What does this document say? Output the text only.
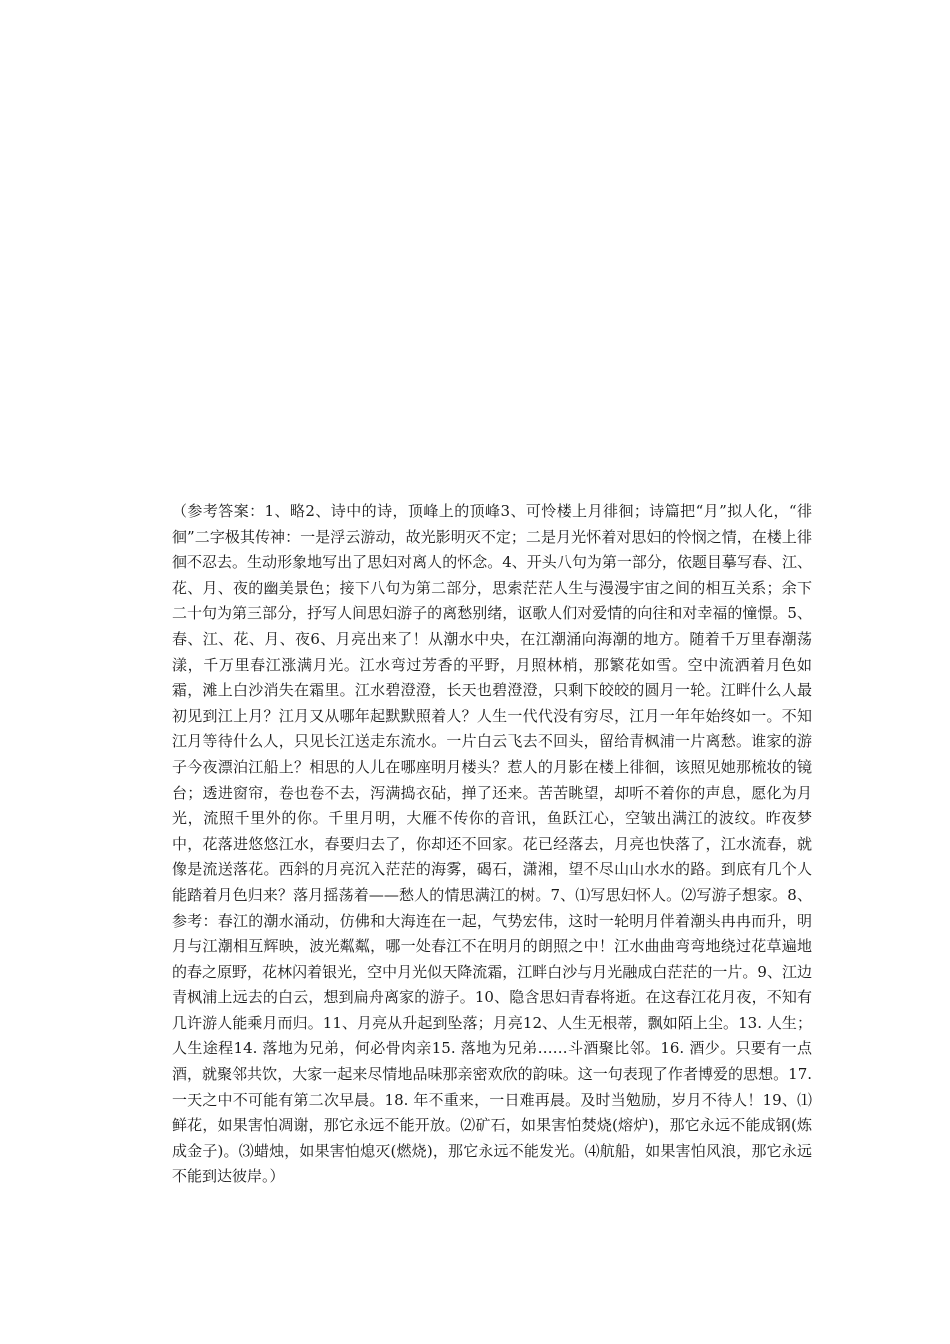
（参考答案：1、略2、诗中的诗，顶峰上的顶峰3、可怜楼上月徘徊；诗篇把“月”拟人化，“徘徊”二字极其传神：一是浮云游动，故光影明灭不定；二是月光怀着对思妇的怜悯之情，在楼上徘徊不忍去。生动形象地写出了思妇对离人的怀念。4、开头八句为第一部分，依题目摹写春、江、花、月、夜的幽美景色；接下八句为第二部分，思索茫茫人生与漫漫宇宙之间的相互关系；余下二十句为第三部分，抒写人间思妇游子的离愁别绪，讴歌人们对爱情的向往和对幸福的憧憬。5、春、江、花、月、夜6、月亮出来了！从潮水中央，在江潮涌向海潮的地方。随着千万里春潮荡漾，千万里春江涨满月光。江水弯过芳香的平野，月照林梢，那繁花如雪。空中流洒着月色如霜，滩上白沙消失在霜里。江水碧澄澄，长天也碧澄澄，只剩下皎皎的圆月一轮。江畔什么人最初见到江上月？江月又从哪年起默默照着人？人生一代代没有穷尽，江月一年年始终如一。不知江月等待什么人，只见长江送走东流水。一片白云飞去不回头，留给青枫浦一片离愁。谁家的游子今夜漂泊江船上？相思的人儿在哪座明月楼头？惹人的月影在楼上徘徊，该照见她那梳妆的镜台；透进窗帘，卷也卷不去，泻满捣衣砧，掸了还来。苦苦眺望，却听不着你的声息，愿化为月光，流照千里外的你。千里月明，大雁不传你的音讯，鱼跃江心，空皱出满江的波纹。昨夜梦中，花落进悠悠江水，春要归去了，你却还不回家。花已经落去，月亮也快落了，江水流春，就像是流送落花。西斜的月亮沉入茫茫的海雾，碣石，潇湘，望不尽山山水水的路。到底有几个人能踏着月色归来？落月摇荡着——愁人的情思满江的树。7、⑴写思妇怀人。⑵写游子想家。8、参考：春江的潮水涌动，仿佛和大海连在一起，气势宏伟，这时一轮明月伴着潮头冉冉而升，明月与江潮相互辉映，波光粼粼，哪一处春江不在明月的朗照之中！江水曲曲弯弯地绕过花草遍地的春之原野，花林闪着银光，空中月光似天降流霜，江畔白沙与月光融成白茫茫的一片。9、江边青枫浦上远去的白云，想到扁舟离家的游子。10、隐含思妇青春将逝。在这春江花月夜，不知有几许游人能乘月而归。11、月亮从升起到坠落；月亮12、人生无根蒂，飘如陌上尘。13. 人生；人生途程14. 落地为兄弟，何必骨肉亲15. 落地为兄弟……斗酒聚比邻。16. 酒少。只要有一点酒，就聚邻共饮，大家一起来尽情地品味那亲密欢欣的韵味。这一句表现了作者博爱的思想。17. 一天之中不可能有第二次早晨。18. 年不重来，一日难再晨。及时当勉励，岁月不待人！19、⑴鲜花，如果害怕凋谢，那它永远不能开放。⑵矿石，如果害怕焚烧(熔炉)，那它永远不能成钢(炼成金子)。⑶蜡烛，如果害怕熄灭(燃烧)，那它永远不能发光。⑷航船，如果害怕风浪，那它永远不能到达彼岸。）
